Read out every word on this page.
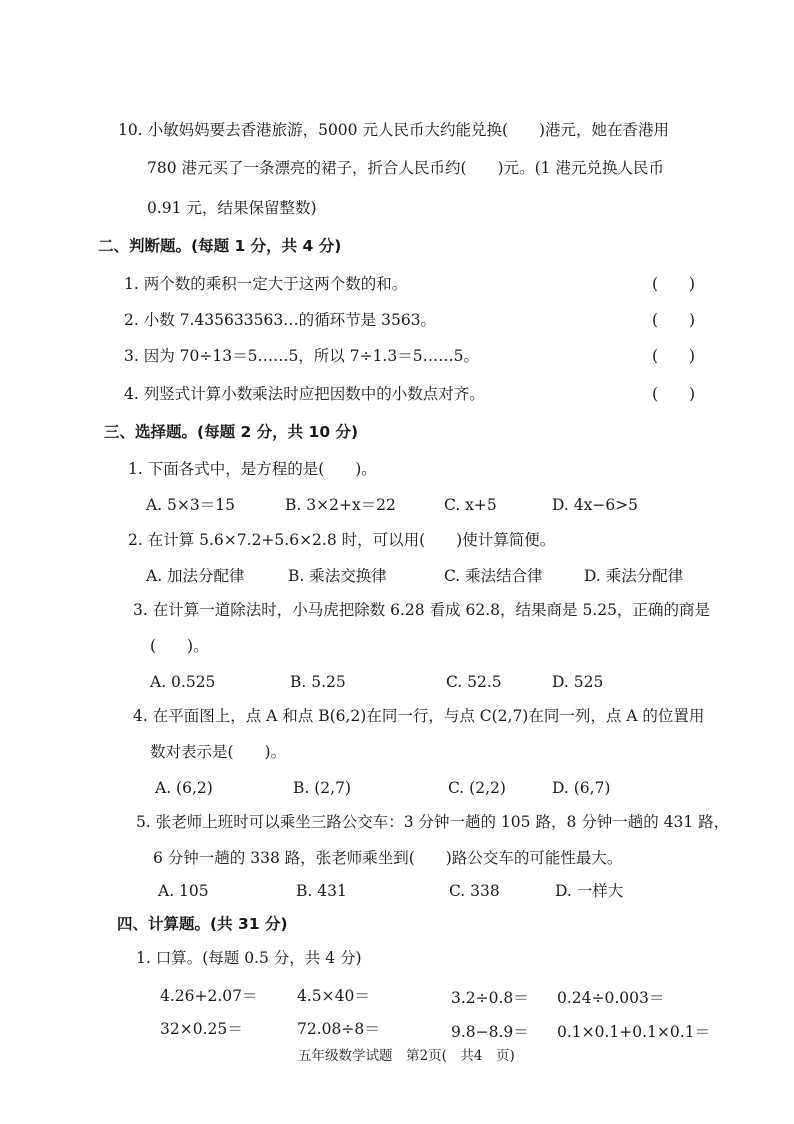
10. 小敏妈妈要去香港旅游，5000 元人民币大约能兑换(　　)港元，她在香港用
780 港元买了一条漂亮的裙子，折合人民币约(　　)元。(1 港元兑换人民币
0.91 元，结果保留整数)
二、判断题。(每题 1 分，共 4 分)
1. 两个数的乘积一定大于这两个数的和。	(　　)
2. 小数 7.435633563…的循环节是 3563。	(　　)
3. 因为 70÷13＝5……5，所以 7÷1.3＝5……5。	(　　)
4. 列竖式计算小数乘法时应把因数中的小数点对齐。	(　　)
三、选择题。(每题 2 分，共 10 分)
1. 下面各式中，是方程的是(　　)。
A. 5×3＝15	B. 3×2+x＝22	C. x+5	D. 4x−6>5
2. 在计算 5.6×7.2+5.6×2.8 时，可以用(　　)使计算简便。
A. 加法分配律	B. 乘法交换律	C. 乘法结合律	D. 乘法分配律
3. 在计算一道除法时，小马虎把除数 6.28 看成 62.8，结果商是 5.25，正确的商是
(　　)。
A. 0.525	B. 5.25	C. 52.5	D. 525
4. 在平面图上，点 A 和点 B(6,2)在同一行，与点 C(2,7)在同一列，点 A 的位置用
数对表示是(　　)。
A. (6,2)	B. (2,7)	C. (2,2)	D. (6,7)
5. 张老师上班时可以乘坐三路公交车：3 分钟一趟的 105 路，8 分钟一趟的 431 路，
6 分钟一趟的 338 路，张老师乘坐到(　　)路公交车的可能性最大。
A. 105	B. 431	C. 338	D. 一样大
四、计算题。(共 31 分)
1. 口算。(每题 0.5 分，共 4 分)
4.26+2.07＝	4.5×40＝	3.2÷0.8＝ 0.24÷0.003＝
32×0.25＝	72.08÷8＝	9.8−8.9＝ 0.1×0.1+0.1×0.1＝
五年级数学试题　第2页(　共4　页)
